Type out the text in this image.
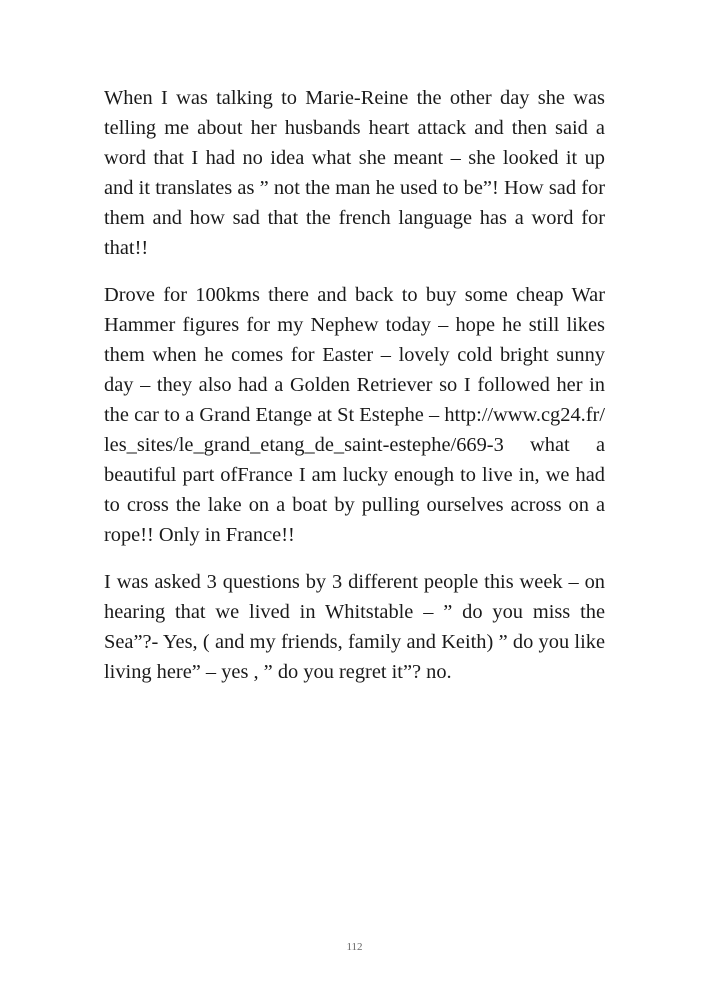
When I was talking to Marie-Reine the other day she was telling me about her husbands heart attack and then said a word that I had no idea what she meant – she looked it up and it translates as ” not the man he used to be”! How sad for them and how sad that the french language has a word for that!!

Drove for 100kms there and back to buy some cheap War Hammer figures for my Nephew today – hope he still likes them when he comes for Easter – lovely cold bright sunny day – they also had a Golden Retriever so I followed her in the car to a Grand Etange at St Estephe – http://www.cg24.fr/les_sites/le_grand_etang_de_saint-estephe/669-3 what a beautiful part ofFrance I am lucky enough to live in, we had to cross the lake on a boat by pulling ourselves across on a rope!! Only in France!!

I was asked 3 questions by 3 different people this week – on hearing that we lived in Whitstable – ” do you miss the Sea”?- Yes, ( and my friends, family and Keith) ” do you like living here” – yes , ” do you regret it”? no.

112
